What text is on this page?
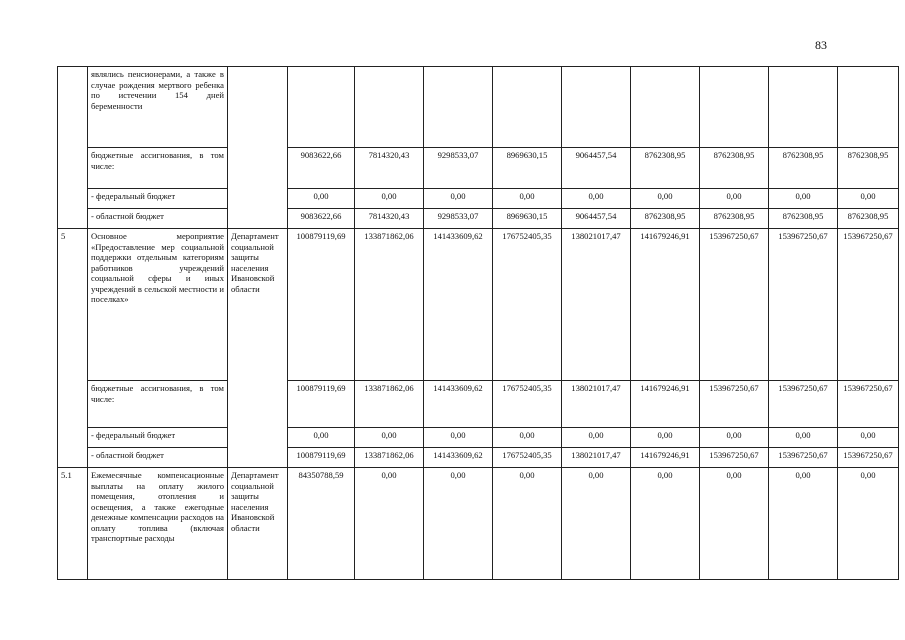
83
	являлись пенсионерами, а также в случае рождения мертвого ребенка по истечении 154 дней беременности										
	бюджетные ассигнования, в том числе:		9083622,66	7814320,43	9298533,07	8969630,15	9064457,54	8762308,95	8762308,95	8762308,95	8762308,95
	- федеральный бюджет		0,00	0,00	0,00	0,00	0,00	0,00	0,00	0,00	0,00
	- областной бюджет		9083622,66	7814320,43	9298533,07	8969630,15	9064457,54	8762308,95	8762308,95	8762308,95	8762308,95
5	Основное мероприятие «Предоставление мер социальной поддержки отдельным категориям работников учреждений социальной сферы и иных учреждений в сельской местности и поселках»	Департамент социальной защиты населения Ивановской области	100879119,69	133871862,06	141433609,62	176752405,35	138021017,47	141679246,91	153967250,67	153967250,67	153967250,67
	бюджетные ассигнования, в том числе:		100879119,69	133871862,06	141433609,62	176752405,35	138021017,47	141679246,91	153967250,67	153967250,67	153967250,67
	- федеральный бюджет		0,00	0,00	0,00	0,00	0,00	0,00	0,00	0,00	0,00
	- областной бюджет		100879119,69	133871862,06	141433609,62	176752405,35	138021017,47	141679246,91	153967250,67	153967250,67	153967250,67
5.1	Ежемесячные компенсационные выплаты на оплату жилого помещения, отопления и освещения, а также ежегодные денежные компенсации расходов на оплату топлива (включая транспортные расходы	Департамент социальной защиты населения Ивановской области	84350788,59	0,00	0,00	0,00	0,00	0,00	0,00	0,00	0,00
